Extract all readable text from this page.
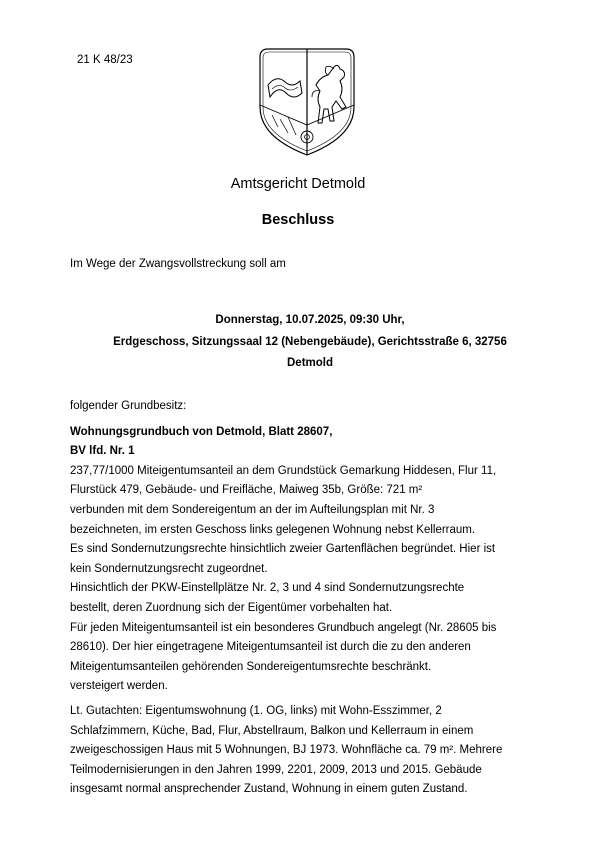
21 K 48/23
Amtsgericht Detmold
Beschluss
Im Wege der Zwangsvollstreckung soll am
Donnerstag, 10.07.2025, 09:30 Uhr,
Erdgeschoss, Sitzungssaal 12 (Nebengebäude), Gerichtsstraße 6, 32756
Detmold
folgender Grundbesitz:
Wohnungsgrundbuch von Detmold, Blatt 28607,
BV lfd. Nr. 1
237,77/1000 Miteigentumsanteil an dem Grundstück Gemarkung Hiddesen, Flur 11,
Flurstück 479, Gebäude- und Freifläche, Maiweg 35b, Größe: 721 m²
verbunden mit dem Sondereigentum an der im Aufteilungsplan mit Nr. 3
bezeichneten, im ersten Geschoss links gelegenen Wohnung nebst Kellerraum.
Es sind Sondernutzungsrechte hinsichtlich zweier Gartenflächen begründet. Hier ist
kein Sondernutzungsrecht zugeordnet.
Hinsichtlich der PKW-Einstellplätze Nr. 2, 3 und 4 sind Sondernutzungsrechte
bestellt, deren Zuordnung sich der Eigentümer vorbehalten hat.
Für jeden Miteigentumsanteil ist ein besonderes Grundbuch angelegt (Nr. 28605 bis
28610). Der hier eingetragene Miteigentumsanteil ist durch die zu den anderen
Miteigentumsanteilen gehörenden Sondereigentumsrechte beschränkt.
versteigert werden.
Lt. Gutachten: Eigentumswohnung (1. OG, links) mit Wohn-Esszimmer, 2
Schlafzimmern, Küche, Bad, Flur, Abstellraum, Balkon und Kellerraum in einem
zweigeschossigen Haus mit 5 Wohnungen, BJ 1973. Wohnfläche ca. 79 m². Mehrere
Teilmodernisierungen in den Jahren 1999, 2201, 2009, 2013 und 2015. Gebäude
insgesamt normal ansprechender Zustand, Wohnung in einem guten Zustand.
